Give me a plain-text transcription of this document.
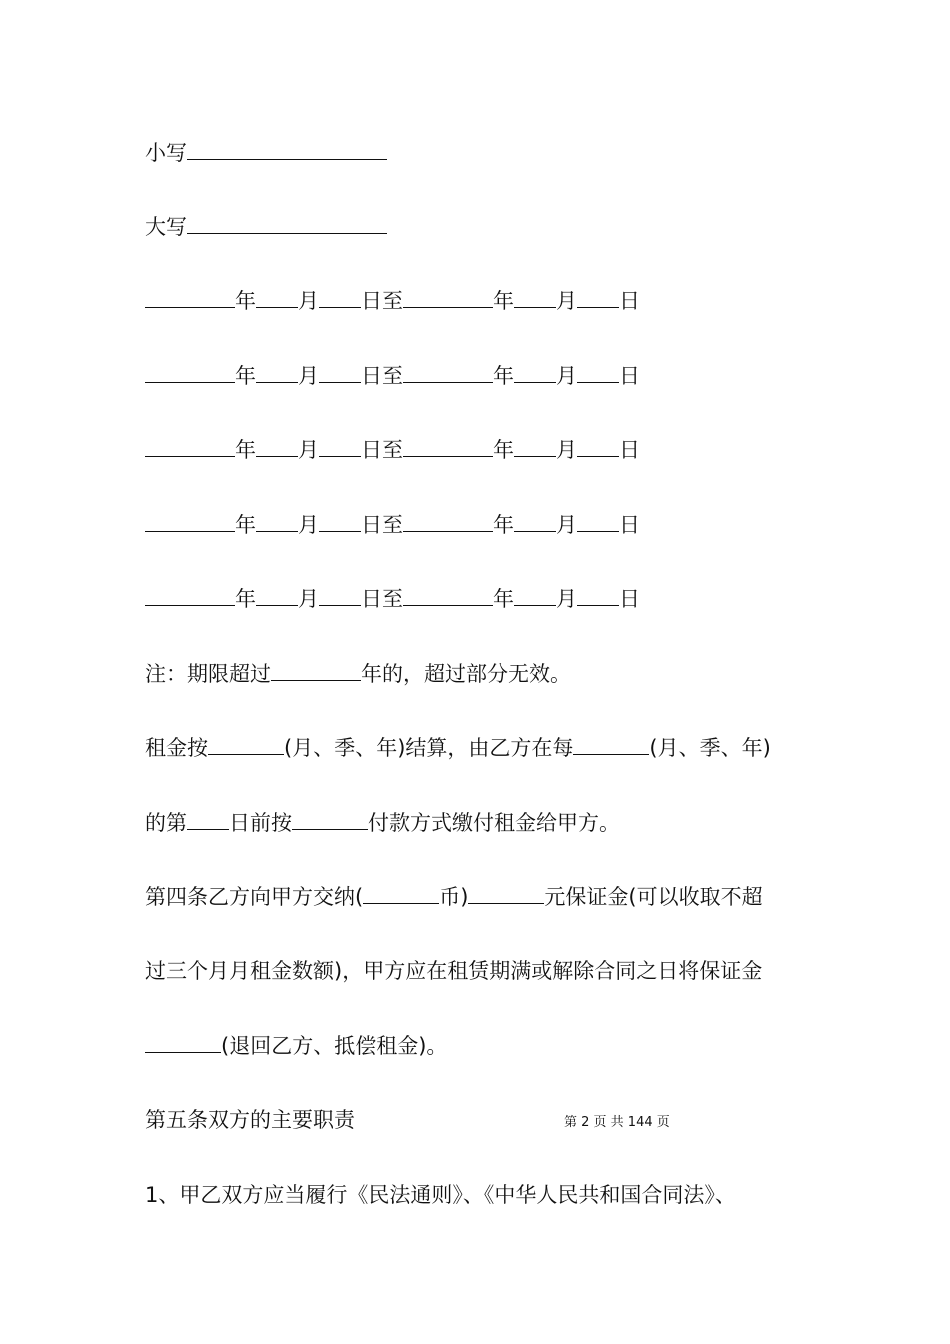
小写
大写
年 月 日至	年 月 日
年 月 日至	年 月 日
年 月 日至	年 月 日
年 月 日至	年 月 日
年 月 日至	年 月 日
注：期限超过	年的，超过部分无效。
租金按	(月、季、年)结算，由乙方在每	(月、季、年)
的第 日前按	付款方式缴付租金给甲方。
第四条乙方向甲方交纳(	币)	元保证金(可以收取不超
过三个月月租金数额)，甲方应在租赁期满或解除合同之日将保证金
(退回乙方、抵偿租金)。
第五条双方的主要职责	第 2 页 共 144 页
1、甲乙双方应当履行《民法通则》、《中华人民共和国合同法》、
